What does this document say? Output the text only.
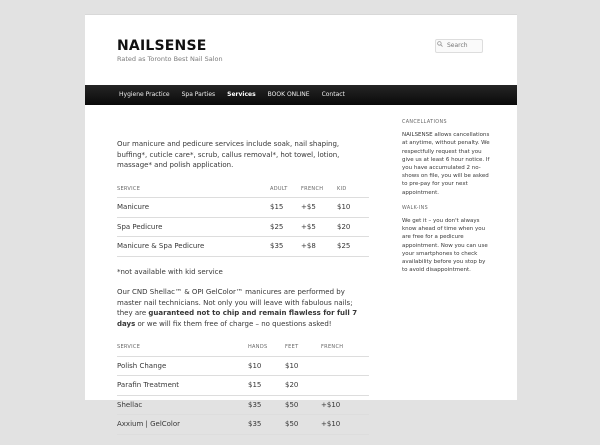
NAILSENSE
Rated as Toronto Best Nail Salon
Search
Hygiene Practice	Spa Parties	Services	BOOK ONLINE	Contact

Our manicure and pedicure services include soak, nail shaping, buffing*, cuticle care*, scrub, callus removal*, hot towel, lotion, massage* and polish application.

SERVICE	ADULT	FRENCH	KID
Manicure	$15	+$5	$10
Spa Pedicure	$25	+$5	$20
Manicure & Spa Pedicure	$35	+$8	$25

*not available with kid service

Our CND Shellac™ & OPI GelColor™ manicures are performed by master nail technicians. Not only you will leave with fabulous nails; they are guaranteed not to chip and remain flawless for full 7 days or we will fix them free of charge – no questions asked!

SERVICE	HANDS	FEET	FRENCH
Polish Change	$10	$10	
Parafin Treatment	$15	$20	
Shellac	$35	$50	+$10
Axxium | GelColor	$35	$50	+$10
CANCELLATIONS
NAILSENSE allows cancellations at anytime, without penalty. We respectfully request that you give us at least 6 hour notice. If you have accumulated 2 no-shows on file, you will be asked to pre-pay for your next appointment.
WALK-INS
We get it – you don't always know ahead of time when you are free for a pedicure appointment. Now you can use your smartphones to check availability before you stop by to avoid disappointment.
